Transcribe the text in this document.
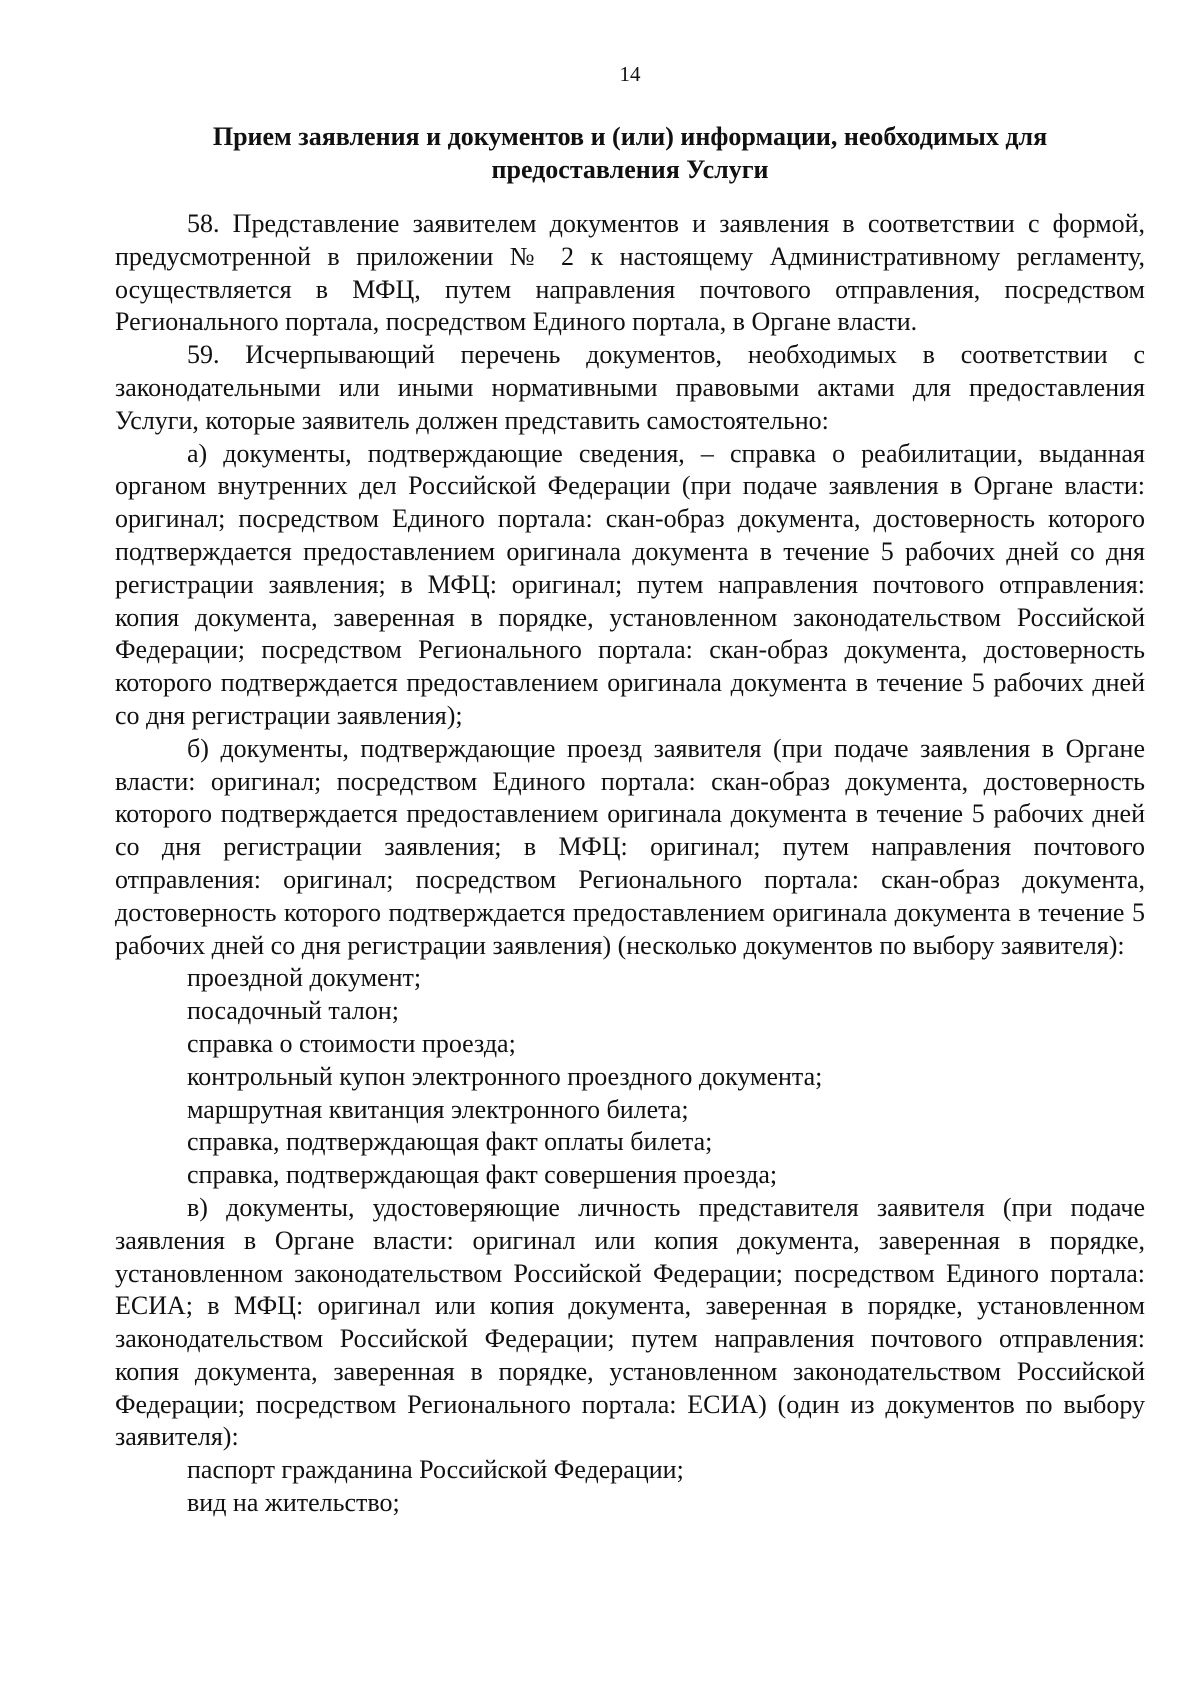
14
Прием заявления и документов и (или) информации, необходимых для
предоставления Услуги

58. Представление заявителем документов и заявления в соответствии с формой, предусмотренной в приложении № 2 к настоящему Административному регламенту, осуществляется в МФЦ, путем направления почтового отправления, посредством Регионального портала, посредством Единого портала, в Органе власти.

59. Исчерпывающий перечень документов, необходимых в соответствии с законодательными или иными нормативными правовыми актами для предоставления Услуги, которые заявитель должен представить самостоятельно:

а) документы, подтверждающие сведения, – справка о реабилитации, выданная органом внутренних дел Российской Федерации (при подаче заявления в Органе власти: оригинал; посредством Единого портала: скан-образ документа, достоверность которого подтверждается предоставлением оригинала документа в течение 5 рабочих дней со дня регистрации заявления; в МФЦ: оригинал; путем направления почтового отправления: копия документа, заверенная в порядке, установленном законодательством Российской Федерации; посредством Регионального портала: скан-образ документа, достоверность которого подтверждается предоставлением оригинала документа в течение 5 рабочих дней со дня регистрации заявления);

б) документы, подтверждающие проезд заявителя (при подаче заявления в Органе власти: оригинал; посредством Единого портала: скан-образ документа, достоверность которого подтверждается предоставлением оригинала документа в течение 5 рабочих дней со дня регистрации заявления; в МФЦ: оригинал; путем направления почтового отправления: оригинал; посредством Регионального портала: скан-образ документа, достоверность которого подтверждается предоставлением оригинала документа в течение 5 рабочих дней со дня регистрации заявления) (несколько документов по выбору заявителя):

проездной документ;

посадочный талон;

справка о стоимости проезда;

контрольный купон электронного проездного документа;

маршрутная квитанция электронного билета;

справка, подтверждающая факт оплаты билета;

справка, подтверждающая факт совершения проезда;

в) документы, удостоверяющие личность представителя заявителя (при подаче заявления в Органе власти: оригинал или копия документа, заверенная в порядке, установленном законодательством Российской Федерации; посредством Единого портала: ЕСИА; в МФЦ: оригинал или копия документа, заверенная в порядке, установленном законодательством Российской Федерации; путем направления почтового отправления: копия документа, заверенная в порядке, установленном законодательством Российской Федерации; посредством Регионального портала: ЕСИА) (один из документов по выбору заявителя):

паспорт гражданина Российской Федерации;

вид на жительство;
